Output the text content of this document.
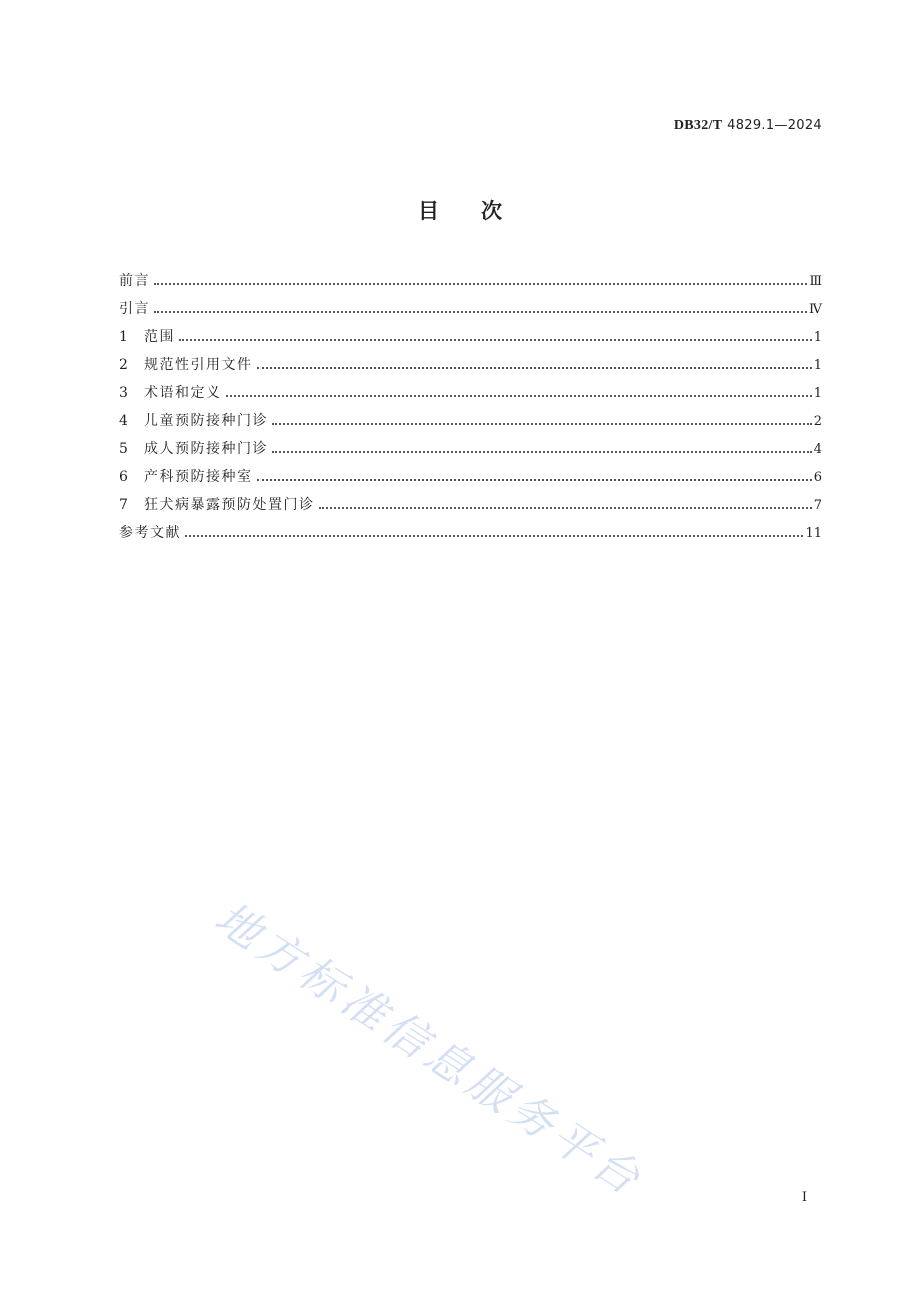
DB32/T 4829.1—2024
目次
前言	Ⅲ
引言	Ⅳ
1	范围	1
2	规范性引用文件	1
3	术语和定义	1
4	儿童预防接种门诊	2
5	成人预防接种门诊	4
6	产科预防接种室	6
7	狂犬病暴露预防处置门诊	7
参考文献	11
地方标准信息服务平台	I
